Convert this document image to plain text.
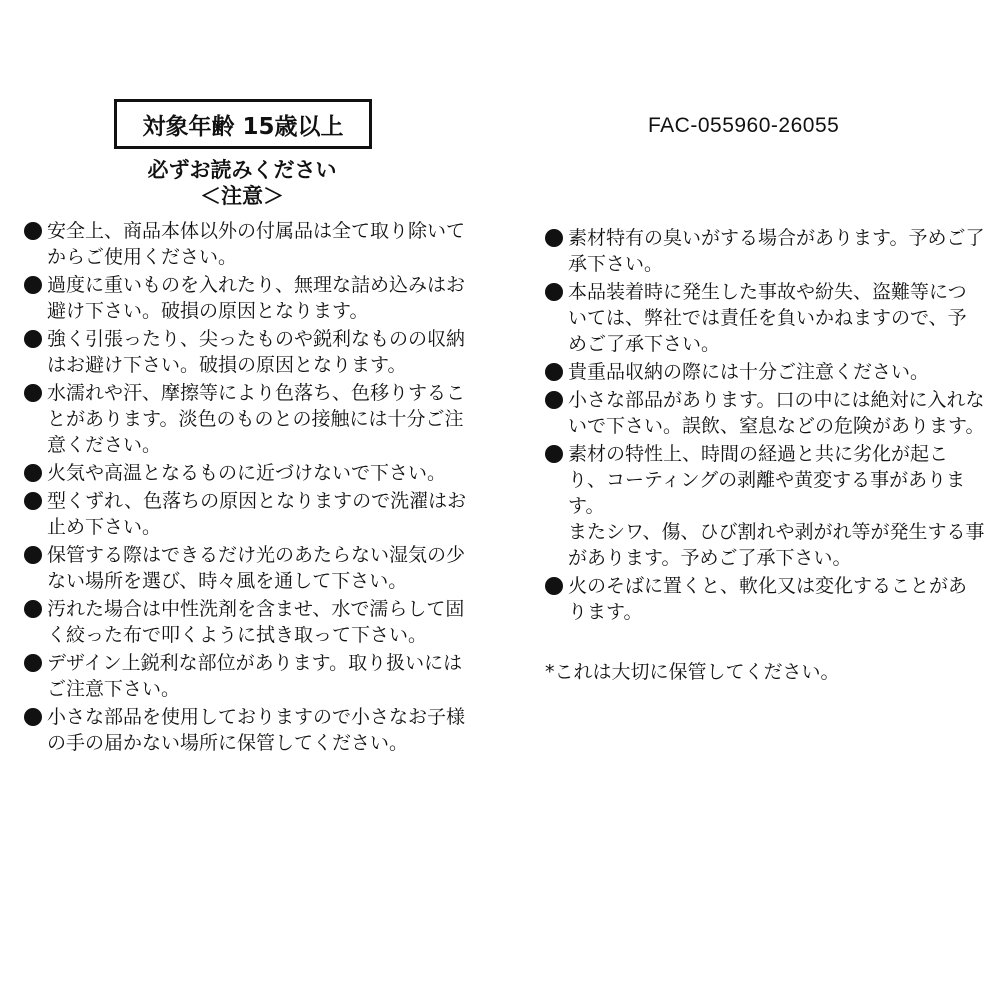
対象年齢 15歳以上	FAC-055960-26055
必ずお読みください
＜注意＞
安全上、商品本体以外の付属品は全て取り除いてからご使用ください。
過度に重いものを入れたり、無理な詰め込みはお避け下さい。破損の原因となります。
強く引張ったり、尖ったものや鋭利なものの収納はお避け下さい。破損の原因となります。
水濡れや汗、摩擦等により色落ち、色移りすることがあります。淡色のものとの接触には十分ご注意ください。
火気や高温となるものに近づけないで下さい。
型くずれ、色落ちの原因となりますので洗濯はお止め下さい。
保管する際はできるだけ光のあたらない湿気の少ない場所を選び、時々風を通して下さい。
汚れた場合は中性洗剤を含ませ、水で濡らして固く絞った布で叩くように拭き取って下さい。
デザイン上鋭利な部位があります。取り扱いにはご注意下さい。
小さな部品を使用しておりますので小さなお子様の手の届かない場所に保管してください。
素材特有の臭いがする場合があります。予めご了承下さい。
本品装着時に発生した事故や紛失、盗難等については、弊社では責任を負いかねますので、予めご了承下さい。
貴重品収納の際には十分ご注意ください。
小さな部品があります。口の中には絶対に入れないで下さい。誤飲、窒息などの危険があります。
素材の特性上、時間の経過と共に劣化が起こり、コーティングの剥離や黄変する事があります。
またシワ、傷、ひび割れや剥がれ等が発生する事があります。予めご了承下さい。
火のそばに置くと、軟化又は変化することがあります。
*これは大切に保管してください。
